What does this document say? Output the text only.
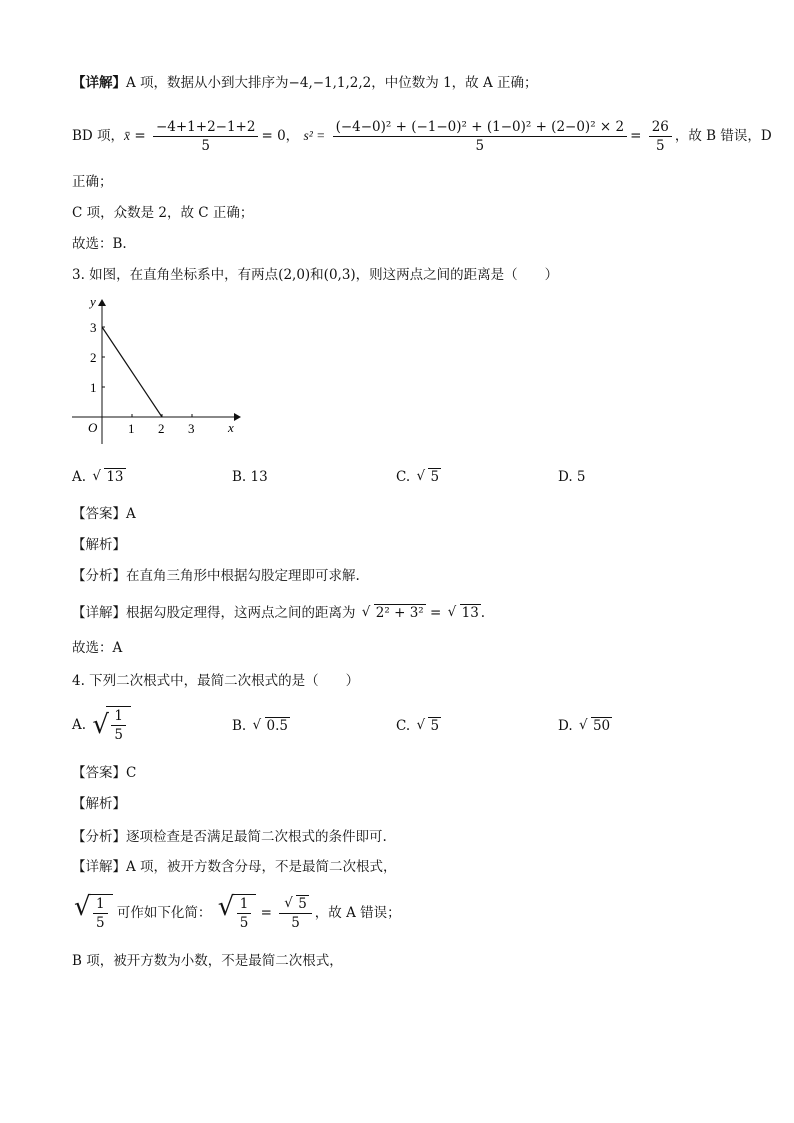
【详解】A 项，数据从小到大排序为−4,−1,1,2,2，中位数为 1，故 A 正确；
BD 项，x̄ = $\frac{-4+1+2-1+2}{5} = 0$， $s^2 = \frac{\text{(−4−0)² + (−1−0)² + (1−0)² + (2−0)² × 2}}{5} = \frac{26}{5}$ ，故 B 错误，D
正确；
C 项，众数是 2，故 C 正确；
故选：B.
3. 如图，在直角坐标系中，有两点(2,0)和(0,3)，则这两点之间的距离是（　　）
y
x
O 1 2 3
1
2
3
A. √ 13	B. 13	C. √ 5	D. 5
【答案】A
【解析】
【分析】在直角三角形中根据勾股定理即可求解.
【详解】根据勾股定理得，这两点之间的距离为 √ 2² + 3² = √ 13 .
故选：A
4. 下列二次根式中，最简二次根式的是（　　）
A. √ $\frac{1}{5}$	B. √ 0.5	C. √ 5	D. √ 50
【答案】C
【解析】
【分析】逐项检查是否满足最简二次根式的条件即可.
【详解】A 项，被开方数含分母，不是最简二次根式，
√ $\frac{1}{5}$ 可作如下化简： √ $\frac{1}{5} = \frac{√ 5}{5}$ ，故 A 错误；
B 项，被开方数为小数，不是最简二次根式，
